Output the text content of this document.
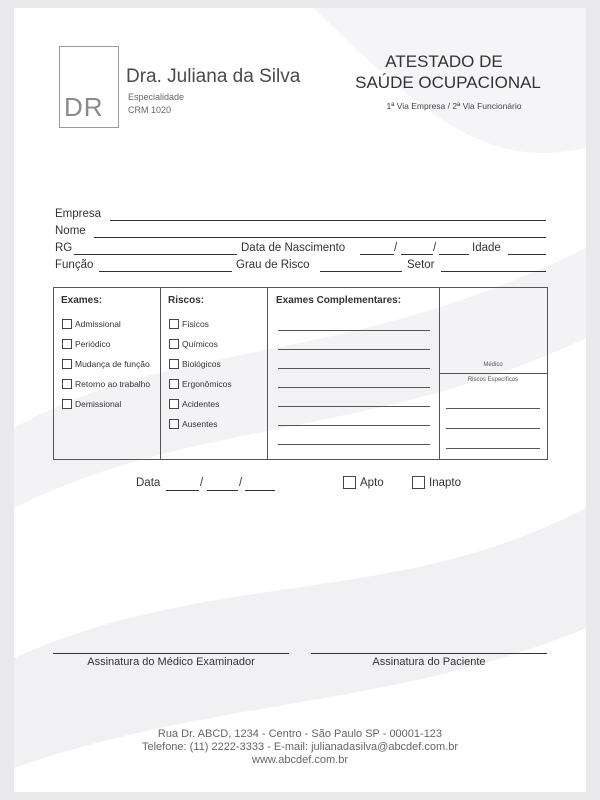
DR
Dra. Juliana da Silva
Especialidade
CRM 1020
ATESTADO DE
SAÚDE OCUPACIONAL
1ª Via Empresa / 2ª Via Funcionário
Empresa
Nome
RG	Data de Nascimento	/	/	Idade
Função	Grau de Risco	Setor
Exames:
Admissional
Periódico
Mudança de função
Retorno ao trabalho
Demissional
Riscos:
Físicos
Químicos
Biológicos
Ergonômicos
Acidentes
Ausentes
Exames Complementares:
Médico
Riscos Específicos
Data	/	/	Apto	Inapto
Assinatura do Médico Examinador	Assinatura do Paciente
Rua Dr. ABCD, 1234 - Centro - São Paulo SP - 00001-123
Telefone: (11) 2222-3333 - E-mail: julianadasilva@abcdef.com.br
www.abcdef.com.br
